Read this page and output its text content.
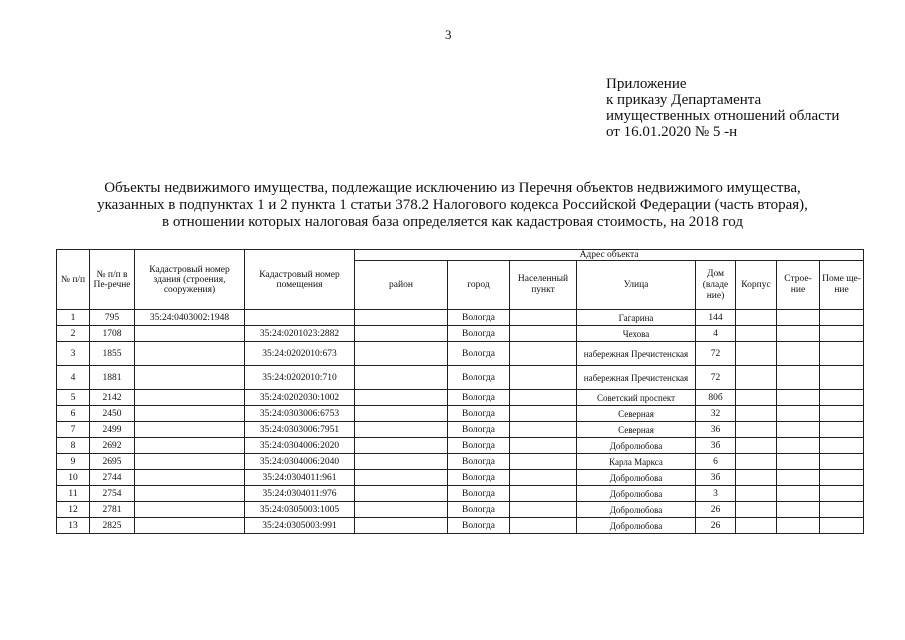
3
Приложение
к приказу Департамента
имущественных отношений области
от 16.01.2020 № 5 -н
Объекты недвижимого имущества, подлежащие исключению из Перечня объектов недвижимого имущества,
указанных в подпунктах 1 и 2 пункта 1 статьи 378.2 Налогового кодекса Российской Федерации (часть вторая),
в отношении которых налоговая база определяется как кадастровая стоимость, на 2018 год
№ п/п	№ п/п в Пе-речне	Кадастровый номер здания (строения, сооружения)	Кадастровый номер помещения	Адрес объекта							
				район	город	Населенный пункт	Улица	Дом (владе ние)	Корпус	Строе-ние	Поме ще-ние
1	795	35:24:0403002:1948			Вологда		Гагарина	144			
2	1708		35:24:0201023:2882		Вологда		Чехова	4			
3	1855		35:24:0202010:673		Вологда		набережная Пречистенская	72			
4	1881		35:24:0202010:710		Вологда		набережная Пречистенская	72			
5	2142		35:24:0202030:1002		Вологда		Советский проспект	80б			
6	2450		35:24:0303006:6753		Вологда		Северная	32			
7	2499		35:24:0303006:7951		Вологда		Северная	36			
8	2692		35:24:0304006:2020		Вологда		Добролюбова	3б			
9	2695		35:24:0304006:2040		Вологда		Карла Маркса	6			
10	2744		35:24:0304011:961		Вологда		Добролюбова	3б			
11	2754		35:24:0304011:976		Вологда		Добролюбова	3			
12	2781		35:24:0305003:1005		Вологда		Добролюбова	26			
13	2825		35:24:0305003:991		Вологда		Добролюбова	26			
